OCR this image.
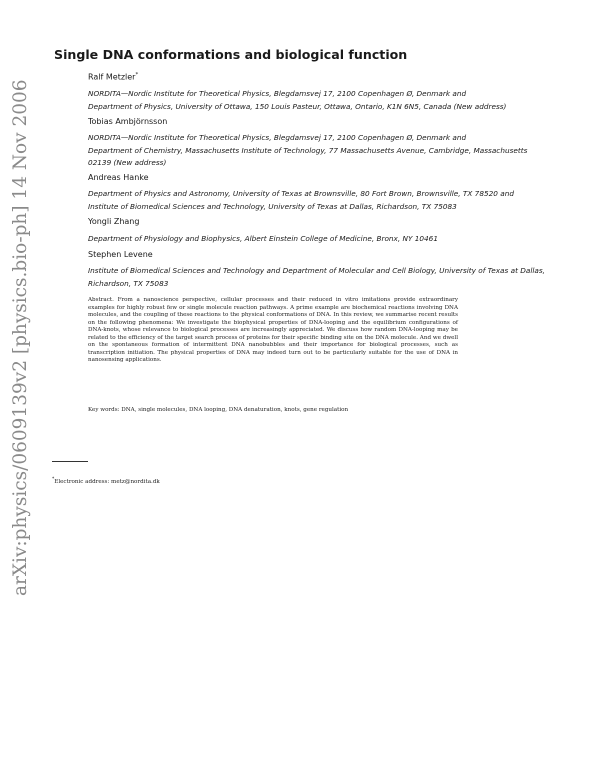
arXiv:physics/0609139v2 [physics.bio-ph] 14 Nov 2006
Single DNA conformations and biological function
Ralf Metzler*
NORDITA—Nordic Institute for Theoretical Physics, Blegdamsvej 17, 2100 Copenhagen Ø, Denmark and
Department of Physics, University of Ottawa, 150 Louis Pasteur, Ottawa, Ontario, K1N 6N5, Canada (New address)
Tobias Ambjörnsson
NORDITA—Nordic Institute for Theoretical Physics, Blegdamsvej 17, 2100 Copenhagen Ø, Denmark and
Department of Chemistry, Massachusetts Institute of Technology, 77 Massachusetts Avenue, Cambridge, Massachusetts
02139 (New address)
Andreas Hanke
Department of Physics and Astronomy, University of Texas at Brownsville, 80 Fort Brown, Brownsville, TX 78520 and
Institute of Biomedical Sciences and Technology, University of Texas at Dallas, Richardson, TX 75083
Yongli Zhang
Department of Physiology and Biophysics, Albert Einstein College of Medicine, Bronx, NY 10461
Stephen Levene
Institute of Biomedical Sciences and Technology and Department of Molecular and Cell Biology, University of Texas at Dallas,
Richardson, TX 75083
Abstract. From a nanoscience perspective, cellular processes and their reduced in vitro imitations provide extraordinary examples for highly robust few or single molecule reaction pathways. A prime example are biochemical reactions involving DNA molecules, and the coupling of these reactions to the physical conformations of DNA. In this review, we summarise recent results on the following phenomena: We investigate the biophysical properties of DNA-looping and the equilibrium configurations of DNA-knots, whose relevance to biological processes are increasingly appreciated. We discuss how random DNA-looping may be related to the efficiency of the target search process of proteins for their specific binding site on the DNA molecule. And we dwell on the spontaneous formation of intermittent DNA nanobubbles and their importance for biological processes, such as transcription initiation. The physical properties of DNA may indeed turn out to be particularly suitable for the use of DNA in nanosensing applications.
Key words: DNA, single molecules, DNA looping, DNA denaturation, knots, gene regulation
*Electronic address: metz@nordita.dk
